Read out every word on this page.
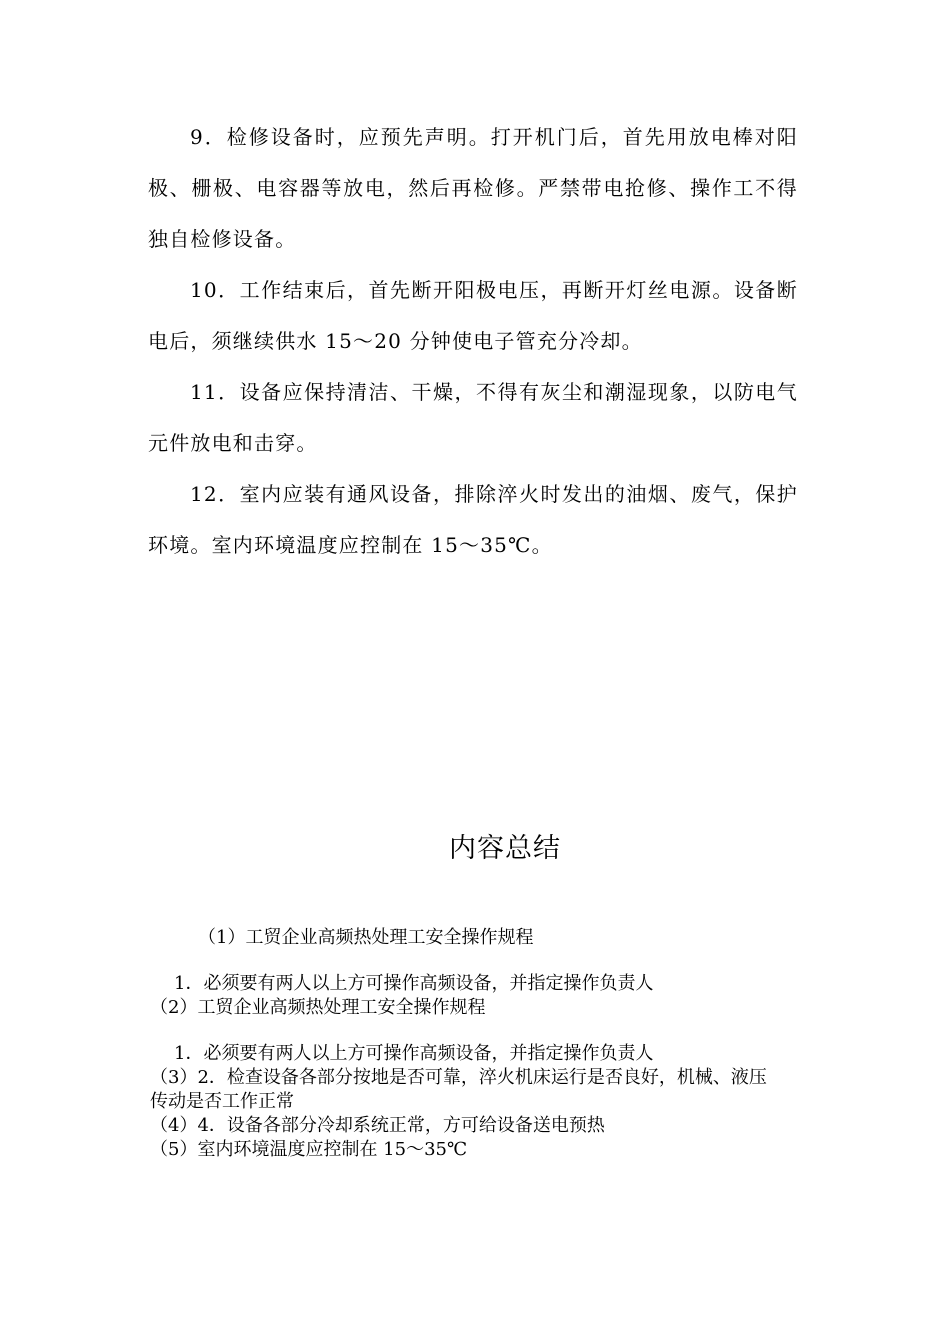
9．检修设备时，应预先声明。打开机门后，首先用放电棒对阳极、栅极、电容器等放电，然后再检修。严禁带电抢修、操作工不得独自检修设备。

10．工作结束后，首先断开阳极电压，再断开灯丝电源。设备断电后，须继续供水 15～20 分钟使电子管充分冷却。

11．设备应保持清洁、干燥，不得有灰尘和潮湿现象，以防电气元件放电和击穿。

12．室内应装有通风设备，排除淬火时发出的油烟、废气，保护环境。室内环境温度应控制在 15～35℃。

内容总结
（1）工贸企业高频热处理工安全操作规程
1．必须要有两人以上方可操作高频设备，并指定操作负责人
（2）工贸企业高频热处理工安全操作规程
1．必须要有两人以上方可操作高频设备，并指定操作负责人
（3）2．检查设备各部分按地是否可靠，淬火机床运行是否良好，机械、液压传动是否工作正常
（4）4．设备各部分冷却系统正常，方可给设备送电预热
（5）室内环境温度应控制在 15～35℃
